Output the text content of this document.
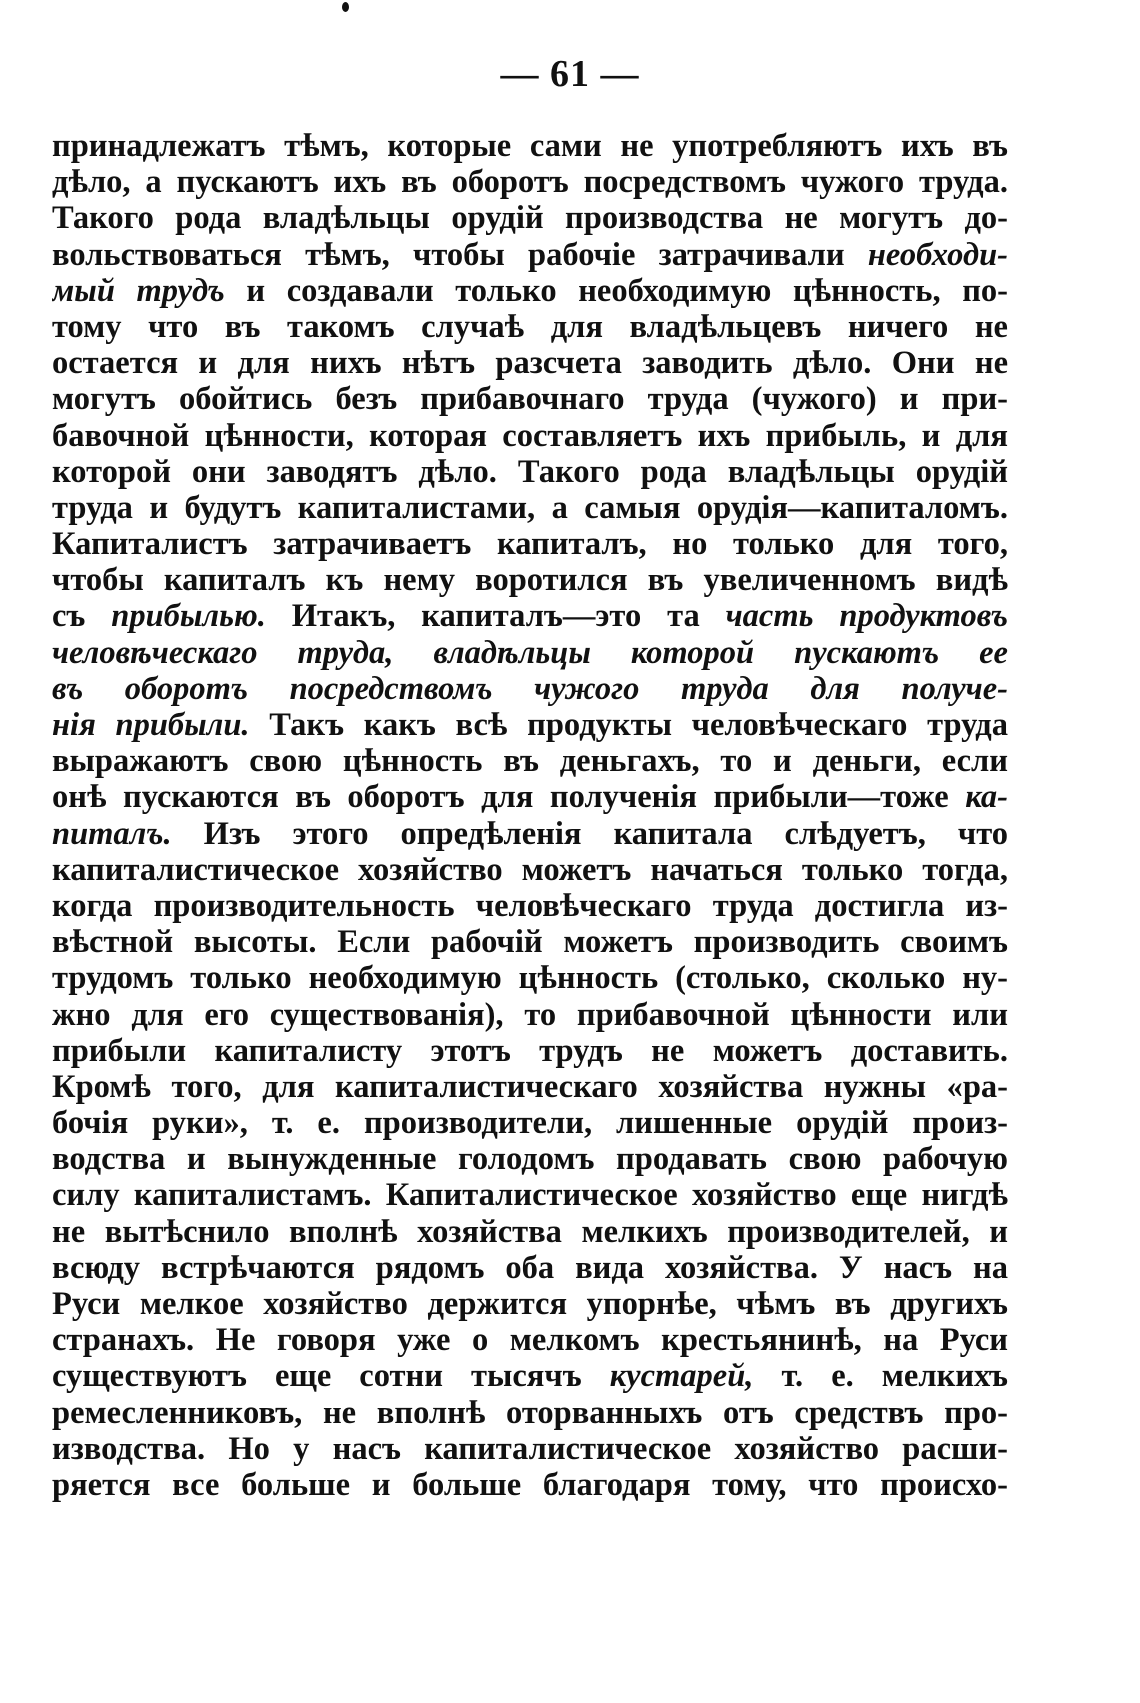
— 61 —
принадлежатъ тѣмъ, которые сами не употребляютъ ихъ въ
дѣло, а пускаютъ ихъ въ оборотъ посредствомъ чужого труда.
Такого рода владѣльцы орудій производства не могутъ до-
вольствоваться тѣмъ, чтобы рабочіе затрачивали необходи-
мый трудъ и создавали только необходимую цѣнность, по-
тому что въ такомъ случаѣ для владѣльцевъ ничего не
остается и для нихъ нѣтъ разсчета заводить дѣло. Они не
могутъ обойтись безъ прибавочнаго труда (чужого) и при-
бавочной цѣнности, которая составляетъ ихъ прибыль, и для
которой они заводятъ дѣло. Такого рода владѣльцы орудій
труда и будутъ капиталистами, а самыя орудія—капиталомъ.
Капиталистъ затрачиваетъ капиталъ, но только для того,
чтобы капиталъ къ нему воротился въ увеличенномъ видѣ
съ прибылью. Итакъ, капиталъ—это та часть продуктовъ
человѣческаго труда, владѣльцы которой пускаютъ ее
въ оборотъ посредствомъ чужого труда для получе-
нія прибыли. Такъ какъ всѣ продукты человѣческаго труда
выражаютъ свою цѣнность въ деньгахъ, то и деньги, если
онѣ пускаются въ оборотъ для полученія прибыли—тоже ка-
питалъ. Изъ этого опредѣленія капитала слѣдуетъ, что
капиталистическое хозяйство можетъ начаться только тогда,
когда производительность человѣческаго труда достигла из-
вѣстной высоты. Если рабочій можетъ производить своимъ
трудомъ только необходимую цѣнность (столько, сколько ну-
жно для его существованія), то прибавочной цѣнности или
прибыли капиталисту этотъ трудъ не можетъ доставить.
Кромѣ того, для капиталистическаго хозяйства нужны «ра-
бочія руки», т. е. производители, лишенные орудій произ-
водства и вынужденные голодомъ продавать свою рабочую
силу капиталистамъ. Капиталистическое хозяйство еще нигдѣ
не вытѣснило вполнѣ хозяйства мелкихъ производителей, и
всюду встрѣчаются рядомъ оба вида хозяйства. У насъ на
Руси мелкое хозяйство держится упорнѣе, чѣмъ въ другихъ
странахъ. Не говоря уже о мелкомъ крестьянинѣ, на Руси
существуютъ еще сотни тысячъ кустарей, т. е. мелкихъ
ремесленниковъ, не вполнѣ оторванныхъ отъ средствъ про-
изводства. Но у насъ капиталистическое хозяйство расши-
ряется все больше и больше благодаря тому, что происхо-
